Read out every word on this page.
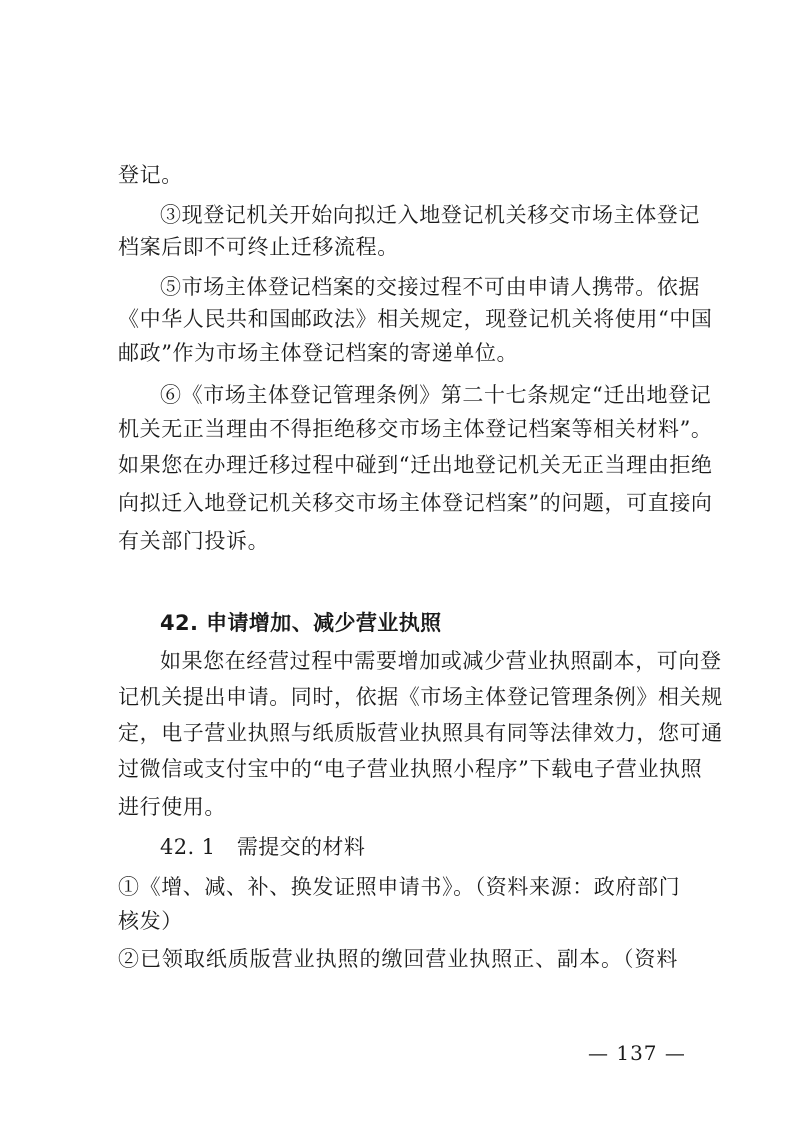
登记。
③现登记机关开始向拟迁入地登记机关移交市场主体登记
档案后即不可终止迁移流程。
⑤市场主体登记档案的交接过程不可由申请人携带。依据
《中华人民共和国邮政法》相关规定，现登记机关将使用“中国
邮政”作为市场主体登记档案的寄递单位。
⑥《市场主体登记管理条例》第二十七条规定“迁出地登记
机关无正当理由不得拒绝移交市场主体登记档案等相关材料”。
如果您在办理迁移过程中碰到“迁出地登记机关无正当理由拒绝
向拟迁入地登记机关移交市场主体登记档案”的问题，可直接向
有关部门投诉。
42. 申请增加、减少营业执照
如果您在经营过程中需要增加或减少营业执照副本，可向登
记机关提出申请。同时，依据《市场主体登记管理条例》相关规
定，电子营业执照与纸质版营业执照具有同等法律效力，您可通
过微信或支付宝中的“电子营业执照小程序”下载电子营业执照
进行使用。
42. 1　需提交的材料
①《增、减、补、换发证照申请书》。（资料来源：政府部门
核发）
②已领取纸质版营业执照的缴回营业执照正、副本。（资料
— 137 —
